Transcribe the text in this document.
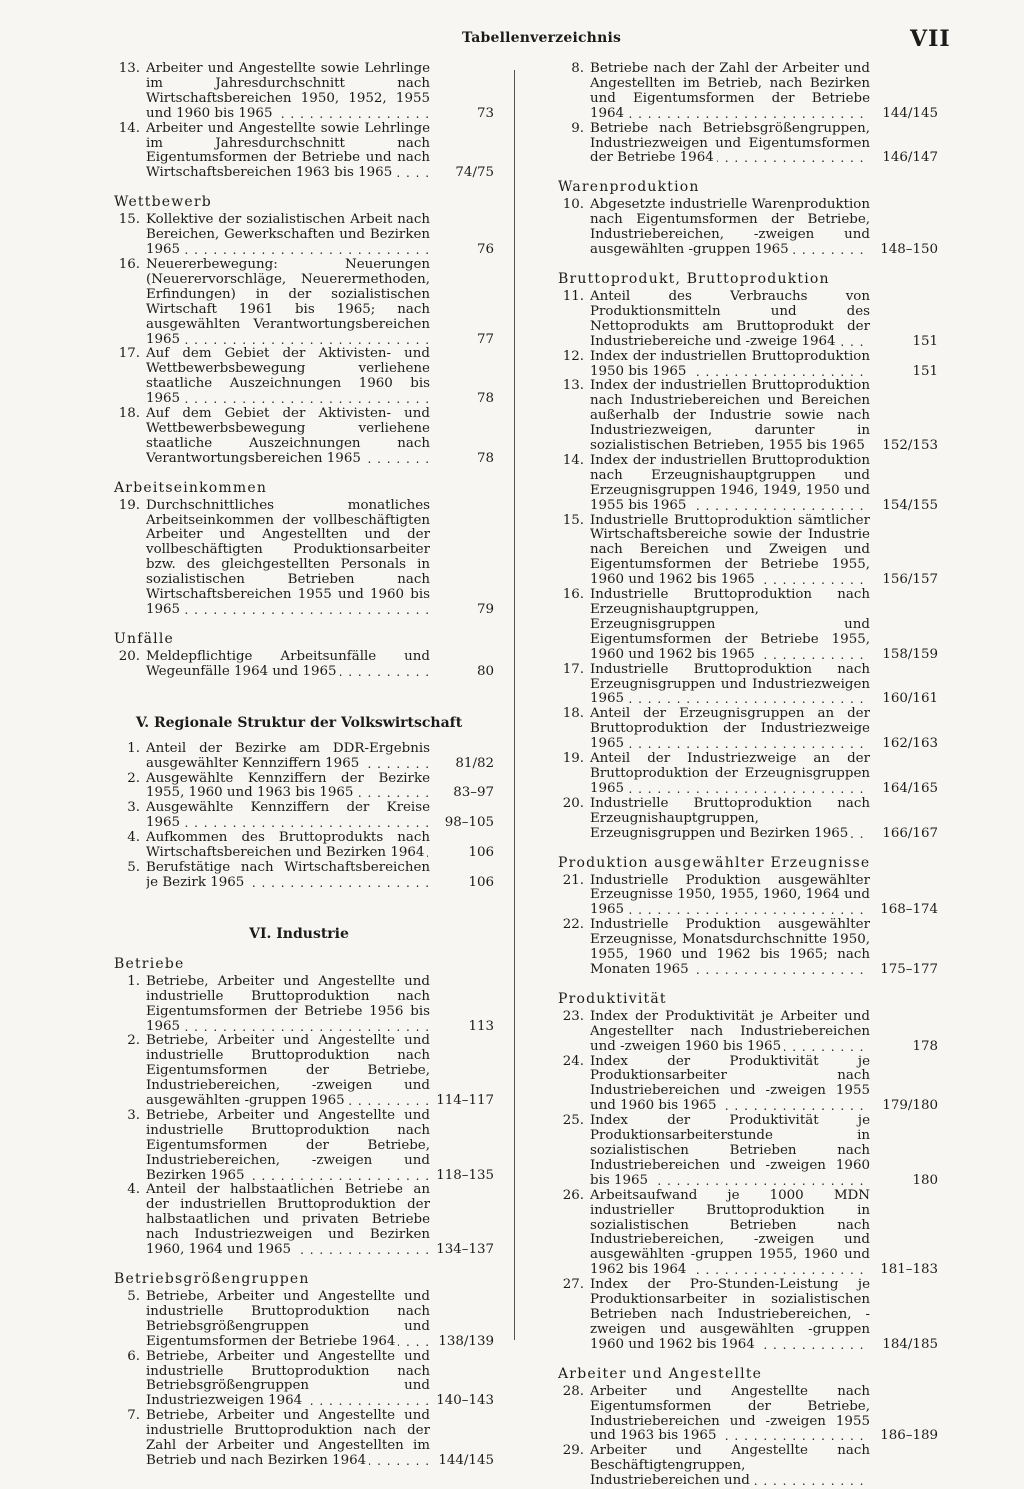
Tabellenverzeichnis	VII
13. Arbeiter und Angestellte sowie Lehrlinge im Jahresdurchschnitt nach Wirtschaftsbereichen 1950, 1952, 1955 und 1960 bis 1965 . . .	73
14. Arbeiter und Angestellte sowie Lehrlinge im Jahresdurchschnitt nach Eigentumsformen der Betriebe und nach Wirtschaftsbereichen 1963 bis 1965 . . .	74/75
Wettbewerb
15. Kollektive der sozialistischen Arbeit nach Bereichen, Gewerkschaften und Bezirken 1965 . . .	76
16. Neuererbewegung: Neuerungen (Neuerervorschläge, Neuerermethoden, Erfindungen) in der sozialistischen Wirtschaft 1961 bis 1965; nach ausgewählten Verantwortungsbereichen 1965 . . .	77
17. Auf dem Gebiet der Aktivisten- und Wettbewerbsbewegung verliehene staatliche Auszeichnungen 1960 bis 1965 . . .	78
18. Auf dem Gebiet der Aktivisten- und Wettbewerbsbewegung verliehene staatliche Auszeichnungen nach Verantwortungsbereichen 1965 . . .	78
Arbeitseinkommen
19. Durchschnittliches monatliches Arbeitseinkommen der vollbeschäftigten Arbeiter und Angestellten und der vollbeschäftigten Produktionsarbeiter bzw. des gleichgestellten Personals in sozialistischen Betrieben nach Wirtschaftsbereichen 1955 und 1960 bis 1965 . . .	79
Unfälle
20. Meldepflichtige Arbeitsunfälle und Wegeunfälle 1964 und 1965 . . .	80
V. Regionale Struktur der Volkswirtschaft
1. Anteil der Bezirke am DDR-Ergebnis ausgewählter Kennziffern 1965 . . .	81/82
2. Ausgewählte Kennziffern der Bezirke 1955, 1960 und 1963 bis 1965 . . .	83–97
3. Ausgewählte Kennziffern der Kreise 1965 . . .	98–105
4. Aufkommen des Bruttoprodukts nach Wirtschaftsbereichen und Bezirken 1964 . . .	106
5. Berufstätige nach Wirtschaftsbereichen je Bezirk 1965 . . .	106
VI. Industrie
Betriebe
1. Betriebe, Arbeiter und Angestellte und industrielle Bruttoproduktion nach Eigentumsformen der Betriebe 1956 bis 1965 . . .	113
2. Betriebe, Arbeiter und Angestellte und industrielle Bruttoproduktion nach Eigentumsformen der Betriebe, Industriebereichen, -zweigen und ausgewählten -gruppen 1965 . . .	114–117
3. Betriebe, Arbeiter und Angestellte und industrielle Bruttoproduktion nach Eigentumsformen der Betriebe, Industriebereichen, -zweigen und Bezirken 1965 . . .	118–135
4. Anteil der halbstaatlichen Betriebe an der industriellen Bruttoproduktion der halbstaatlichen und privaten Betriebe nach Industriezweigen und Bezirken 1960, 1964 und 1965 . . .	134–137
Betriebsgrößengruppen
5. Betriebe, Arbeiter und Angestellte und industrielle Bruttoproduktion nach Betriebsgrößengruppen und Eigentumsformen der Betriebe 1964 . . .	138/139
6. Betriebe, Arbeiter und Angestellte und industrielle Bruttoproduktion nach Betriebsgrößengruppen und Industriezweigen 1964 . . .	140–143
7. Betriebe, Arbeiter und Angestellte und industrielle Bruttoproduktion nach der Zahl der Arbeiter und Angestellten im Betrieb und nach Bezirken 1964 . . .	144/145
8. Betriebe nach der Zahl der Arbeiter und Angestellten im Betrieb, nach Bezirken und Eigentumsformen der Betriebe 1964 . . .	144/145
9. Betriebe nach Betriebsgrößengruppen, Industriezweigen und Eigentumsformen der Betriebe 1964 . . .	146/147
Warenproduktion
10. Abgesetzte industrielle Warenproduktion nach Eigentumsformen der Betriebe, Industriebereichen, -zweigen und ausgewählten -gruppen 1965 . . .	148–150
Bruttoprodukt, Bruttoproduktion
11. Anteil des Verbrauchs von Produktionsmitteln und des Nettoprodukts am Bruttoprodukt der Industriebereiche und -zweige 1964 . . .	151
12. Index der industriellen Bruttoproduktion 1950 bis 1965 . . .	151
13. Index der industriellen Bruttoproduktion nach Industriebereichen und Bereichen außerhalb der Industrie sowie nach Industriezweigen, darunter in sozialistischen Betrieben, 1955 bis 1965 . . .	152/153
14. Index der industriellen Bruttoproduktion nach Erzeugnishauptgruppen und Erzeugnisgruppen 1946, 1949, 1950 und 1955 bis 1965 . . .	154/155
15. Industrielle Bruttoproduktion sämtlicher Wirtschaftsbereiche sowie der Industrie nach Bereichen und Zweigen und Eigentumsformen der Betriebe 1955, 1960 und 1962 bis 1965 . . .	156/157
16. Industrielle Bruttoproduktion nach Erzeugnishauptgruppen, Erzeugnisgruppen und Eigentumsformen der Betriebe 1955, 1960 und 1962 bis 1965 . . .	158/159
17. Industrielle Bruttoproduktion nach Erzeugnisgruppen und Industriezweigen 1965 . . .	160/161
18. Anteil der Erzeugnisgruppen an der Bruttoproduktion der Industriezweige 1965 . . .	162/163
19. Anteil der Industriezweige an der Bruttoproduktion der Erzeugnisgruppen 1965 . . .	164/165
20. Industrielle Bruttoproduktion nach Erzeugnishauptgruppen, Erzeugnisgruppen und Bezirken 1965 . . .	166/167
Produktion ausgewählter Erzeugnisse
21. Industrielle Produktion ausgewählter Erzeugnisse 1950, 1955, 1960, 1964 und 1965 . . .	168–174
22. Industrielle Produktion ausgewählter Erzeugnisse, Monatsdurchschnitte 1950, 1955, 1960 und 1962 bis 1965; nach Monaten 1965 . . .	175–177
Produktivität
23. Index der Produktivität je Arbeiter und Angestellter nach Industriebereichen und -zweigen 1960 bis 1965 . . .	178
24. Index der Produktivität je Produktionsarbeiter nach Industriebereichen und -zweigen 1955 und 1960 bis 1965 . . .	179/180
25. Index der Produktivität je Produktionsarbeiterstunde in sozialistischen Betrieben nach Industriebereichen und -zweigen 1960 bis 1965 . . .	180
26. Arbeitsaufwand je 1000 MDN industrieller Bruttoproduktion in sozialistischen Betrieben nach Industriebereichen, -zweigen und ausgewählten -gruppen 1955, 1960 und 1962 bis 1964 . . .	181–183
27. Index der Pro-Stunden-Leistung je Produktionsarbeiter in sozialistischen Betrieben nach Industriebereichen, -zweigen und ausgewählten -gruppen 1960 und 1962 bis 1964 . . .	184/185
Arbeiter und Angestellte
28. Arbeiter und Angestellte nach Eigentumsformen der Betriebe, Industriebereichen und -zweigen 1955 und 1963 bis 1965 . . .	186–189
29. Arbeiter und Angestellte nach Beschäftigtengruppen, Industriebereichen und . . .
